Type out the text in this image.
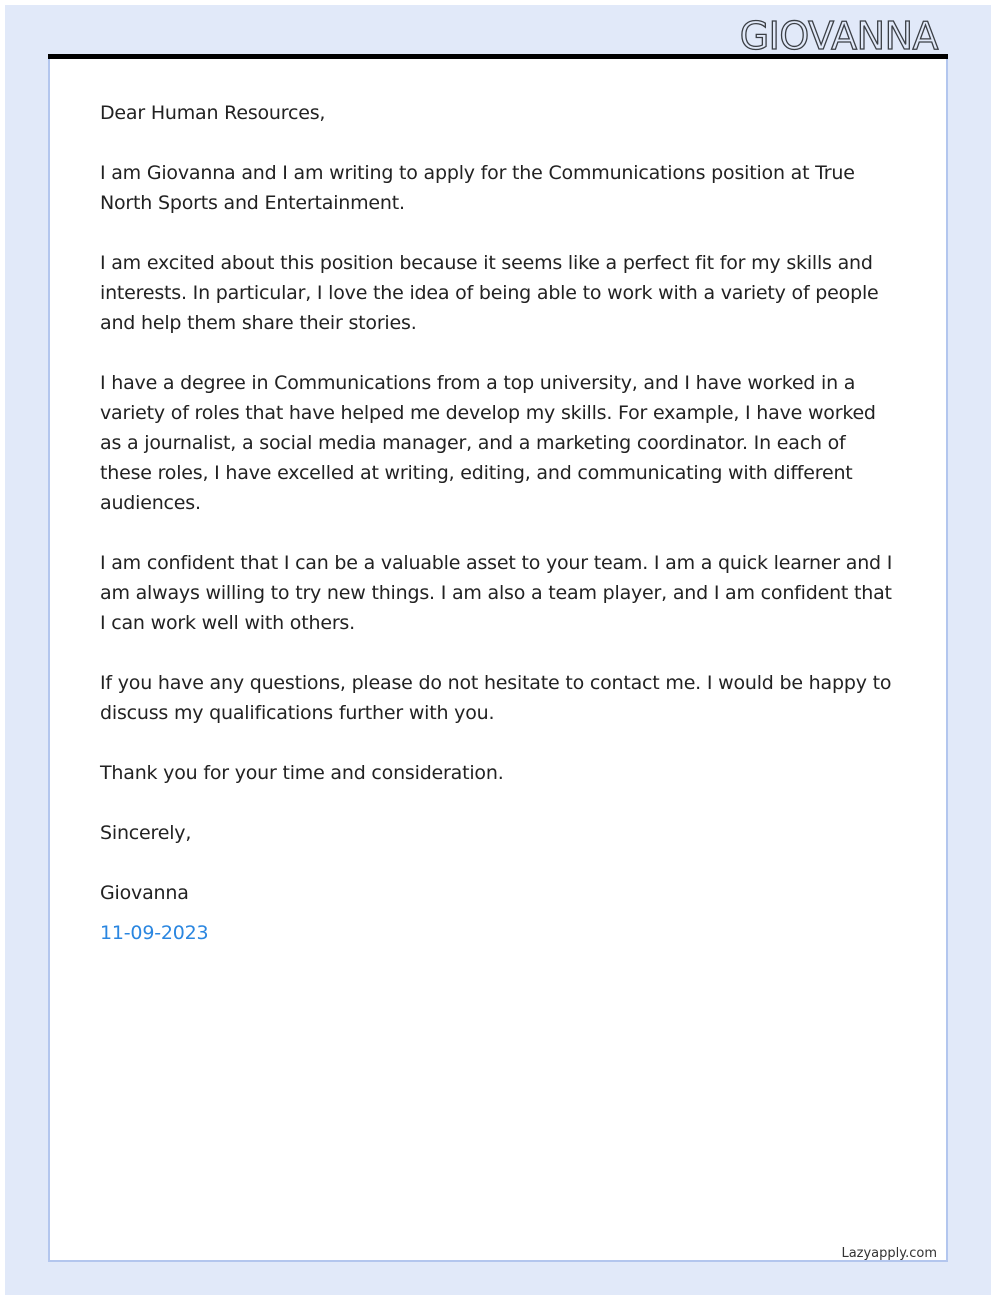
GIOVANNA

Dear Human Resources,

I am Giovanna and I am writing to apply for the Communications position at True North Sports and Entertainment.

I am excited about this position because it seems like a perfect fit for my skills and interests. In particular, I love the idea of being able to work with a variety of people and help them share their stories.

I have a degree in Communications from a top university, and I have worked in a variety of roles that have helped me develop my skills. For example, I have worked as a journalist, a social media manager, and a marketing coordinator. In each of these roles, I have excelled at writing, editing, and communicating with different audiences.

I am confident that I can be a valuable asset to your team. I am a quick learner and I am always willing to try new things. I am also a team player, and I am confident that I can work well with others.

If you have any questions, please do not hesitate to contact me. I would be happy to discuss my qualifications further with you.

Thank you for your time and consideration.

Sincerely,

Giovanna

11-09-2023

Lazyapply.com
